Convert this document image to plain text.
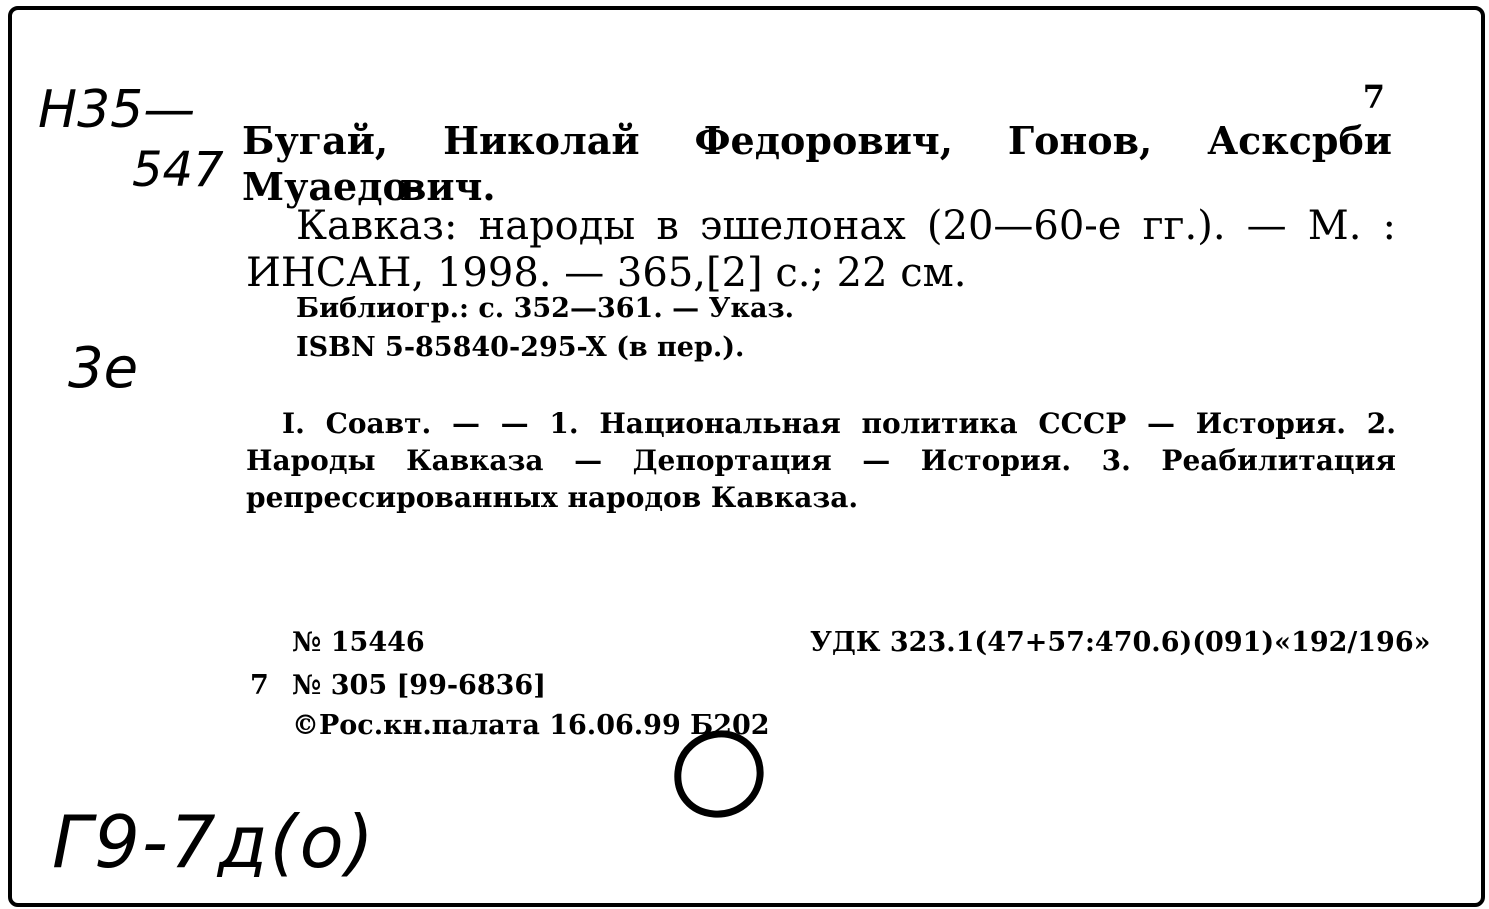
Н35—
547
7
Бугай, Николай Федорович, Гонов, Асксрби Муаедо-
вич.
Кавказ: народы в эшелонах (20—60-е гг.). — М. :
ИНСАН, 1998. — 365,[2] с.; 22 см.
Библиогр.: с. 352—361. — Указ.
ISBN 5-85840-295-X (в пер.).
3е
I. Соавт. — — 1. Национальная политика СССР — История. 2. Народы Кавказа — Депортация — История. 3. Реабилитация репрессированных народов Кавказа.
№ 15446	УДК 323.1(47+57:470.6)(091)«192/196»
7 № 305 [99-6836]
©Рос.кн.палата 16.06.99 Б202
Г9-7д(о)
